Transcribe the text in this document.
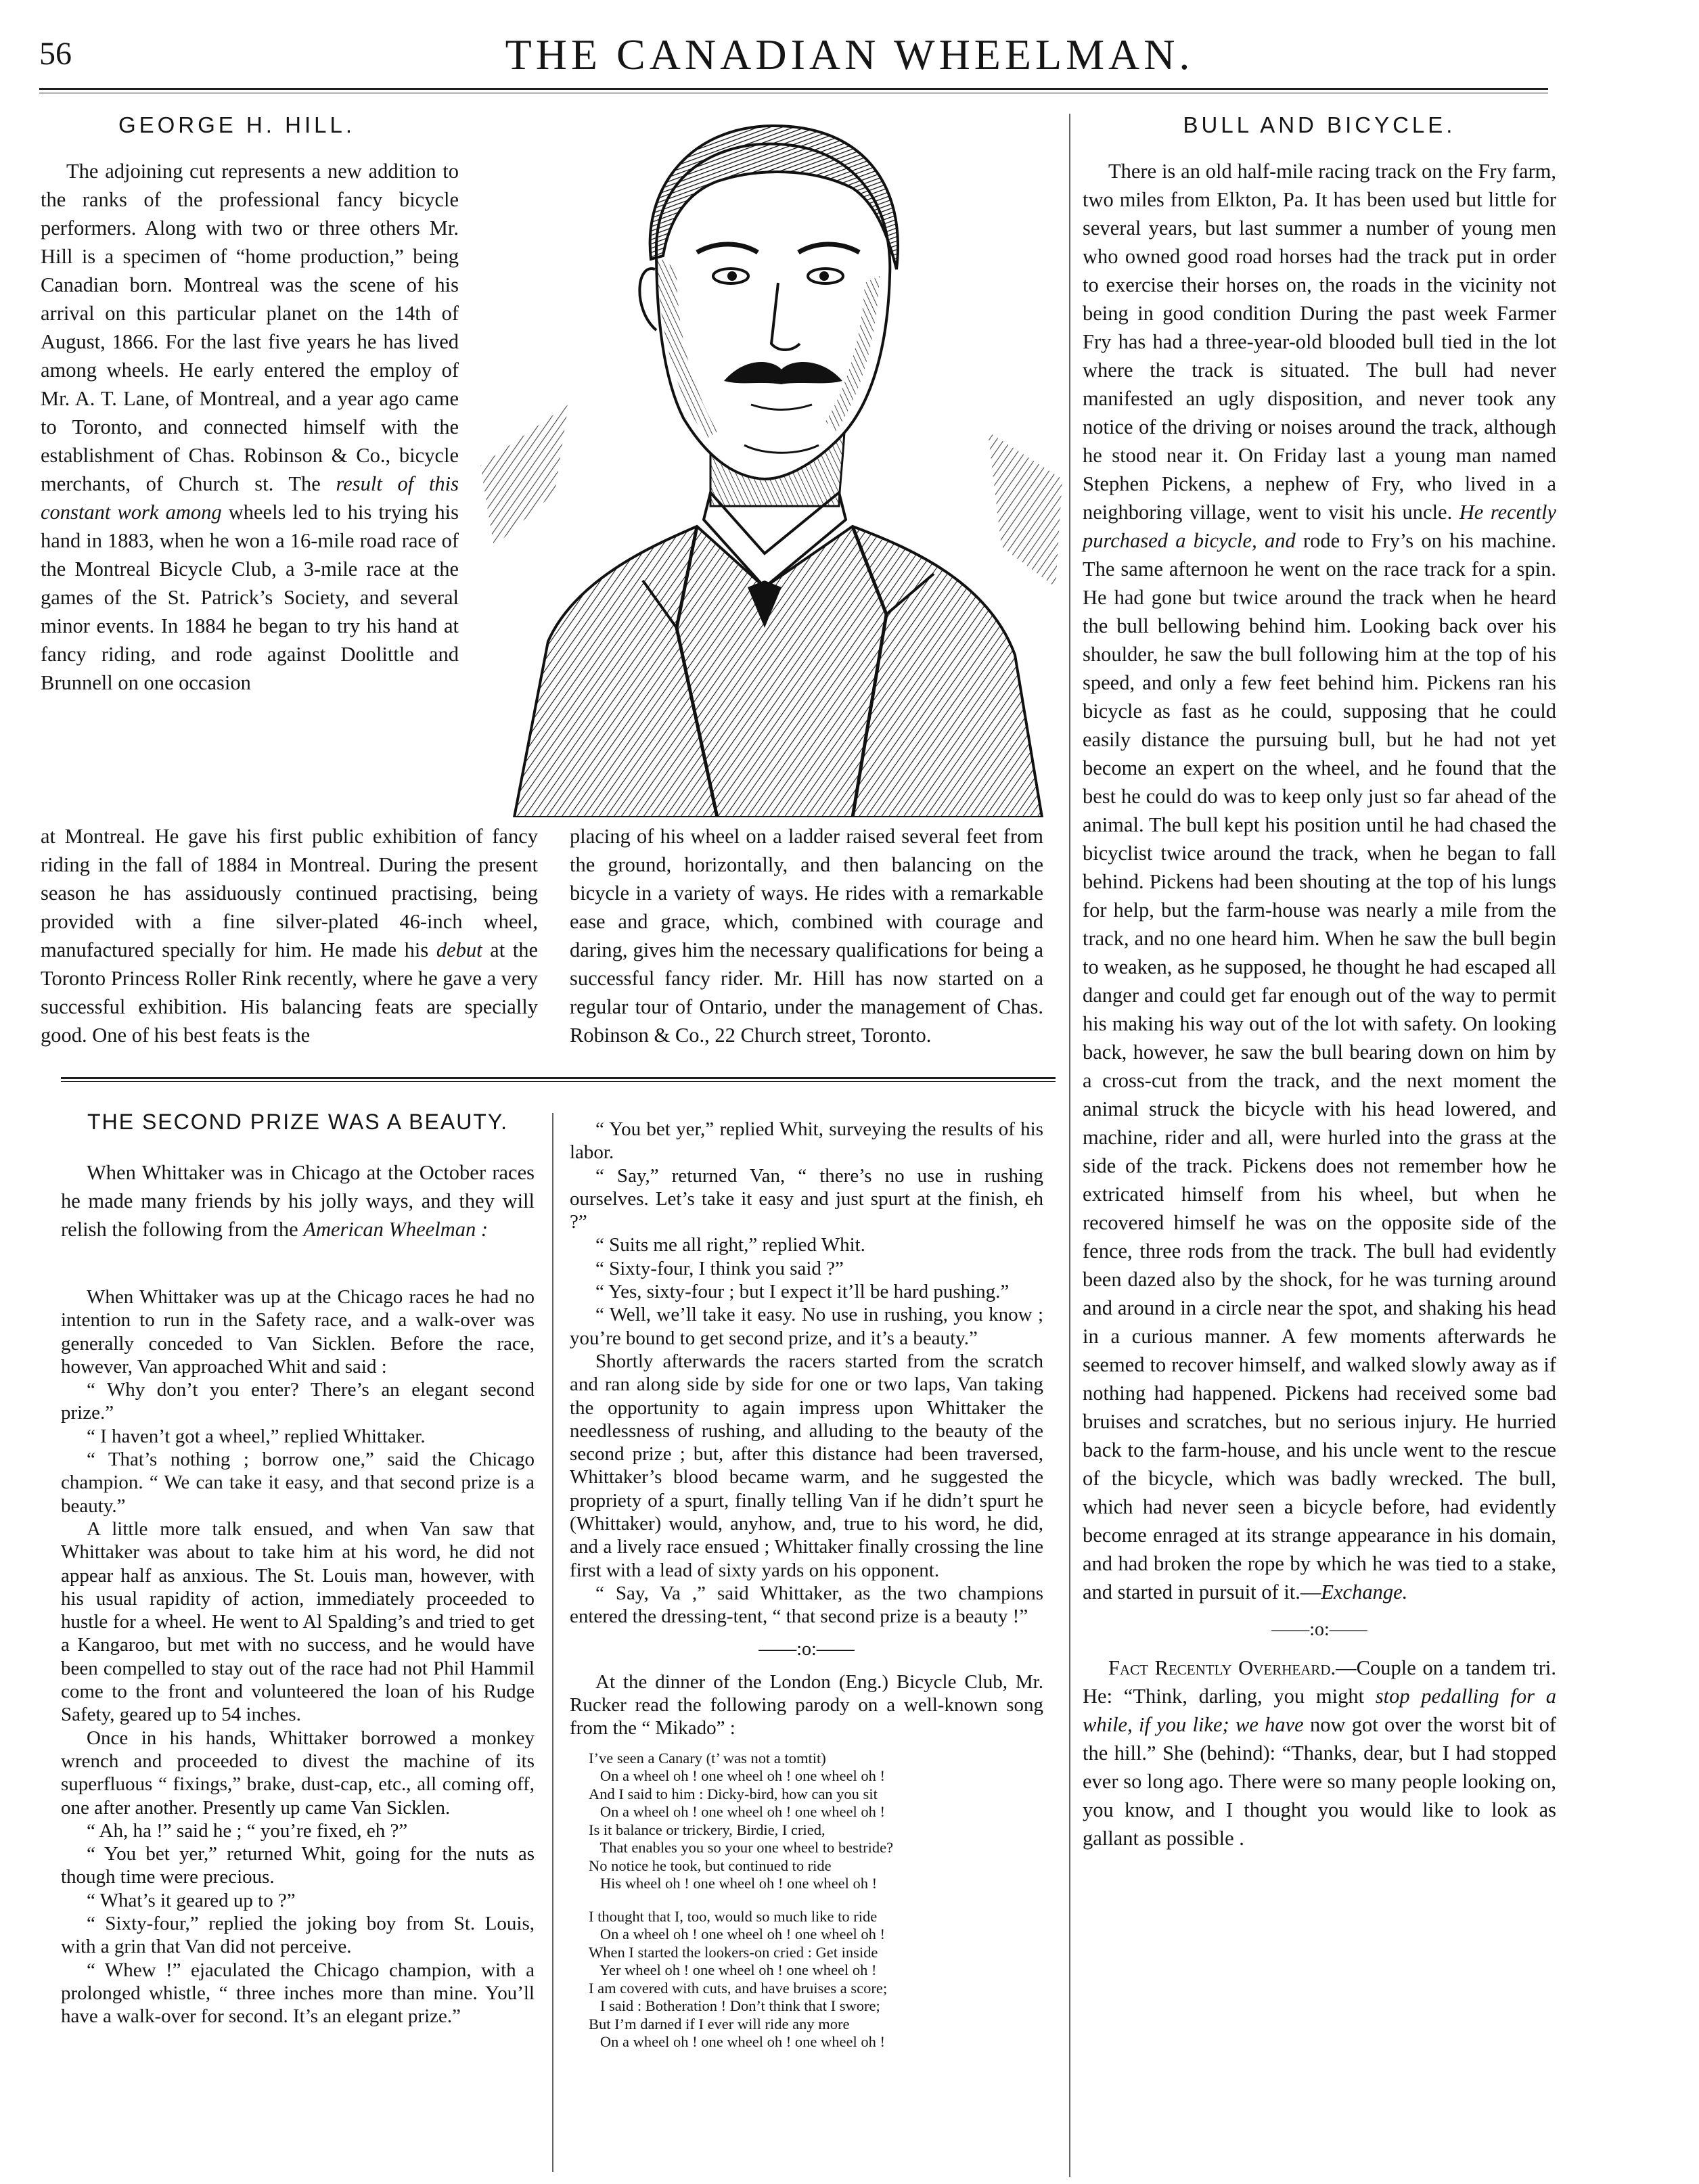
56	THE CANADIAN WHEELMAN.
GEORGE H. HILL.

The adjoining cut represents a new addition to the ranks of the professional fancy bicycle performers. Along with two or three others Mr. Hill is a specimen of “home production,” being Canadian born. Montreal was the scene of his arrival on this particular planet on the 14th of August, 1866. For the last five years he has lived among wheels. He early entered the employ of Mr. A. T. Lane, of Montreal, and a year ago came to Toronto, and connected himself with the establishment of Chas. Robinson & Co., bicycle merchants, of Church st. The result of this constant work among wheels led to his trying his hand in 1883, when he won a 16-mile road race of the Montreal Bicycle Club, a 3-mile race at the games of the St. Patrick’s Society, and several minor events. In 1884 he began to try his hand at fancy riding, and rode against Doolittle and Brunnell on one occasion

at Montreal. He gave his first public exhibition of fancy riding in the fall of 1884 in Montreal. During the present season he has assiduously continued practising, being provided with a fine silver-plated 46-inch wheel, manufactured specially for him. He made his debut at the Toronto Princess Roller Rink recently, where he gave a very successful exhibition. His balancing feats are specially good. One of his best feats is the

placing of his wheel on a ladder raised several feet from the ground, horizontally, and then balancing on the bicycle in a variety of ways. He rides with a remarkable ease and grace, which, combined with courage and daring, gives him the necessary qualifications for being a successful fancy rider. Mr. Hill has now started on a regular tour of Ontario, under the management of Chas. Robinson & Co., 22 Church street, Toronto.

BULL AND BICYCLE.

There is an old half-mile racing track on the Fry farm, two miles from Elkton, Pa. It has been used but little for several years, but last summer a number of young men who owned good road horses had the track put in order to exercise their horses on, the roads in the vicinity not being in good condition During the past week Farmer Fry has had a three-year-old blooded bull tied in the lot where the track is situated. The bull had never manifested an ugly disposition, and never took any notice of the driving or noises around the track, although he stood near it. On Friday last a young man named Stephen Pickens, a nephew of Fry, who lived in a neighboring village, went to visit his uncle. He recently purchased a bicycle, and rode to Fry’s on his machine. The same afternoon he went on the race track for a spin. He had gone but twice around the track when he heard the bull bellowing behind him. Looking back over his shoulder, he saw the bull following him at the top of his speed, and only a few feet behind him. Pickens ran his bicycle as fast as he could, supposing that he could easily distance the pursuing bull, but he had not yet become an expert on the wheel, and he found that the best he could do was to keep only just so far ahead of the animal. The bull kept his position until he had chased the bicyclist twice around the track, when he began to fall behind. Pickens had been shouting at the top of his lungs for help, but the farm-house was nearly a mile from the track, and no one heard him. When he saw the bull begin to weaken, as he supposed, he thought he had escaped all danger and could get far enough out of the way to permit his making his way out of the lot with safety. On looking back, however, he saw the bull bearing down on him by a cross-cut from the track, and the next moment the animal struck the bicycle with his head lowered, and machine, rider and all, were hurled into the grass at the side of the track. Pickens does not remember how he extricated himself from his wheel, but when he recovered himself he was on the opposite side of the fence, three rods from the track. The bull had evidently been dazed also by the shock, for he was turning around and around in a circle near the spot, and shaking his head in a curious manner. A few moments afterwards he seemed to recover himself, and walked slowly away as if nothing had happened. Pickens had received some bad bruises and scratches, but no serious injury. He hurried back to the farm-house, and his uncle went to the rescue of the bicycle, which was badly wrecked. The bull, which had never seen a bicycle before, had evidently become enraged at its strange appearance in his domain, and had broken the rope by which he was tied to a stake, and started in pursuit of it.—Exchange.

——:o:——

Fact Recently Overheard.—Couple on a tandem tri. He: “Think, darling, you might stop pedalling for a while, if you like; we have now got over the worst bit of the hill.” She (behind): “Thanks, dear, but I had stopped ever so long ago. There were so many people looking on, you know, and I thought you would like to look as gallant as possible .

THE SECOND PRIZE WAS A BEAUTY.

When Whittaker was in Chicago at the October races he made many friends by his jolly ways, and they will relish the following from the American Wheelman :

When Whittaker was up at the Chicago races he had no intention to run in the Safety race, and a walk-over was generally conceded to Van Sicklen. Before the race, however, Van approached Whit and said :

“ Why don’t you enter? There’s an elegant second prize.”

“ I haven’t got a wheel,” replied Whittaker.

“ That’s nothing ; borrow one,” said the Chicago champion. “ We can take it easy, and that second prize is a beauty.”

A little more talk ensued, and when Van saw that Whittaker was about to take him at his word, he did not appear half as anxious. The St. Louis man, however, with his usual rapidity of action, immediately proceeded to hustle for a wheel. He went to Al Spalding’s and tried to get a Kangaroo, but met with no success, and he would have been compelled to stay out of the race had not Phil Hammil come to the front and volunteered the loan of his Rudge Safety, geared up to 54 inches.

Once in his hands, Whittaker borrowed a monkey wrench and proceeded to divest the machine of its superfluous “ fixings,” brake, dust-cap, etc., all coming off, one after another. Presently up came Van Sicklen.

“ Ah, ha !” said he ; “ you’re fixed, eh ?”

“ You bet yer,” returned Whit, going for the nuts as though time were precious.

“ What’s it geared up to ?”

“ Sixty-four,” replied the joking boy from St. Louis, with a grin that Van did not perceive.

“ Whew !” ejaculated the Chicago champion, with a prolonged whistle, “ three inches more than mine. You’ll have a walk-over for second. It’s an elegant prize.”

“ You bet yer,” replied Whit, surveying the results of his labor.

“ Say,” returned Van, “ there’s no use in rushing ourselves. Let’s take it easy and just spurt at the finish, eh ?”

“ Suits me all right,” replied Whit.

“ Sixty-four, I think you said ?”

“ Yes, sixty-four ; but I expect it’ll be hard pushing.”

“ Well, we’ll take it easy. No use in rushing, you know ; you’re bound to get second prize, and it’s a beauty.”

Shortly afterwards the racers started from the scratch and ran along side by side for one or two laps, Van taking the opportunity to again impress upon Whittaker the needlessness of rushing, and alluding to the beauty of the second prize ; but, after this distance had been traversed, Whittaker’s blood became warm, and he suggested the propriety of a spurt, finally telling Van if he didn’t spurt he (Whittaker) would, anyhow, and, true to his word, he did, and a lively race ensued ; Whittaker finally crossing the line first with a lead of sixty yards on his opponent.

“ Say, Va ,” said Whittaker, as the two champions entered the dressing-tent, “ that second prize is a beauty !”

——:o:——

At the dinner of the London (Eng.) Bicycle Club, Mr. Rucker read the following parody on a well-known song from the “ Mikado” :

I’ve seen a Canary (t’ was not a tomtit)
On a wheel oh ! one wheel oh ! one wheel oh !
And I said to him : Dicky-bird, how can you sit
On a wheel oh ! one wheel oh ! one wheel oh !
Is it balance or trickery, Birdie, I cried,
That enables you so your one wheel to bestride?
No notice he took, but continued to ride
His wheel oh ! one wheel oh ! one wheel oh !
I thought that I, too, would so much like to ride
On a wheel oh ! one wheel oh ! one wheel oh !
When I started the lookers-on cried : Get inside
Yer wheel oh ! one wheel oh ! one wheel oh !
I am covered with cuts, and have bruises a score;
I said : Botheration ! Don’t think that I swore;
But I’m darned if I ever will ride any more
On a wheel oh ! one wheel oh ! one wheel oh !
